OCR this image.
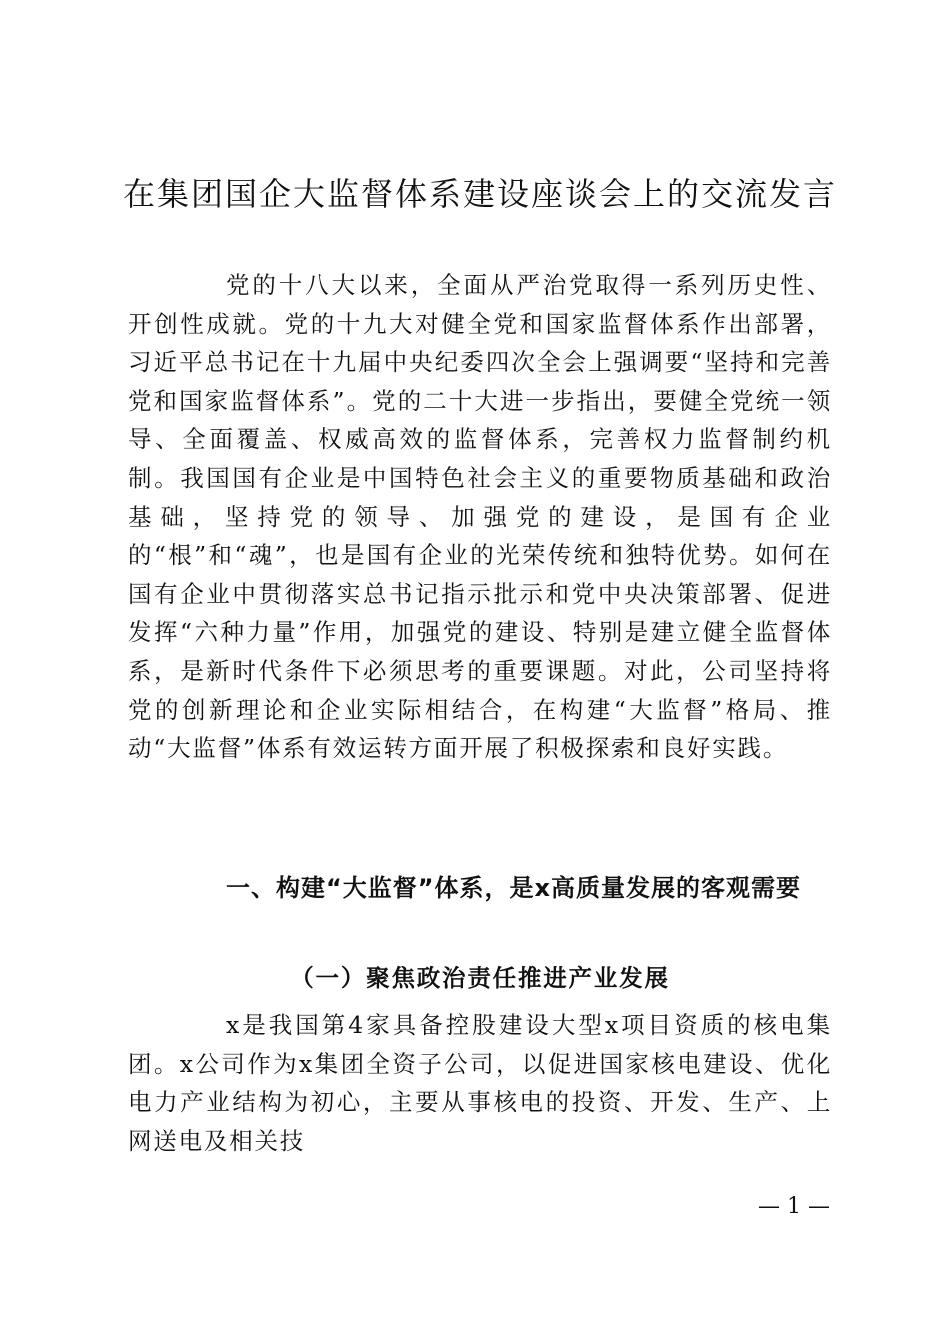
在集团国企大监督体系建设座谈会上的交流发言

党的十八大以来，全面从严治党取得一系列历史性、开创性成就。党的十九大对健全党和国家监督体系作出部署，习近平总书记在十九届中央纪委四次全会上强调要“坚持和完善党和国家监督体系”。党的二十大进一步指出，要健全党统一领导、全面覆盖、权威高效的监督体系，完善权力监督制约机制。我国国有企业是中国特色社会主义的重要物质基础和政治基础，坚持党的领导、加强党的建设，是国有企业的“根”和“魂”，也是国有企业的光荣传统和独特优势。如何在国有企业中贯彻落实总书记指示批示和党中央决策部署、促进发挥“六种力量”作用，加强党的建设、特别是建立健全监督体系，是新时代条件下必须思考的重要课题。对此，公司坚持将党的创新理论和企业实际相结合，在构建“大监督”格局、推动“大监督”体系有效运转方面开展了积极探索和良好实践。

一、构建“大监督”体系，是x高质量发展的客观需要
（一）聚焦政治责任推进产业发展

x是我国第4家具备控股建设大型x项目资质的核电集团。x公司作为x集团全资子公司，以促进国家核电建设、优化电力产业结构为初心，主要从事核电的投资、开发、生产、上网送电及相关技

— 1 —
